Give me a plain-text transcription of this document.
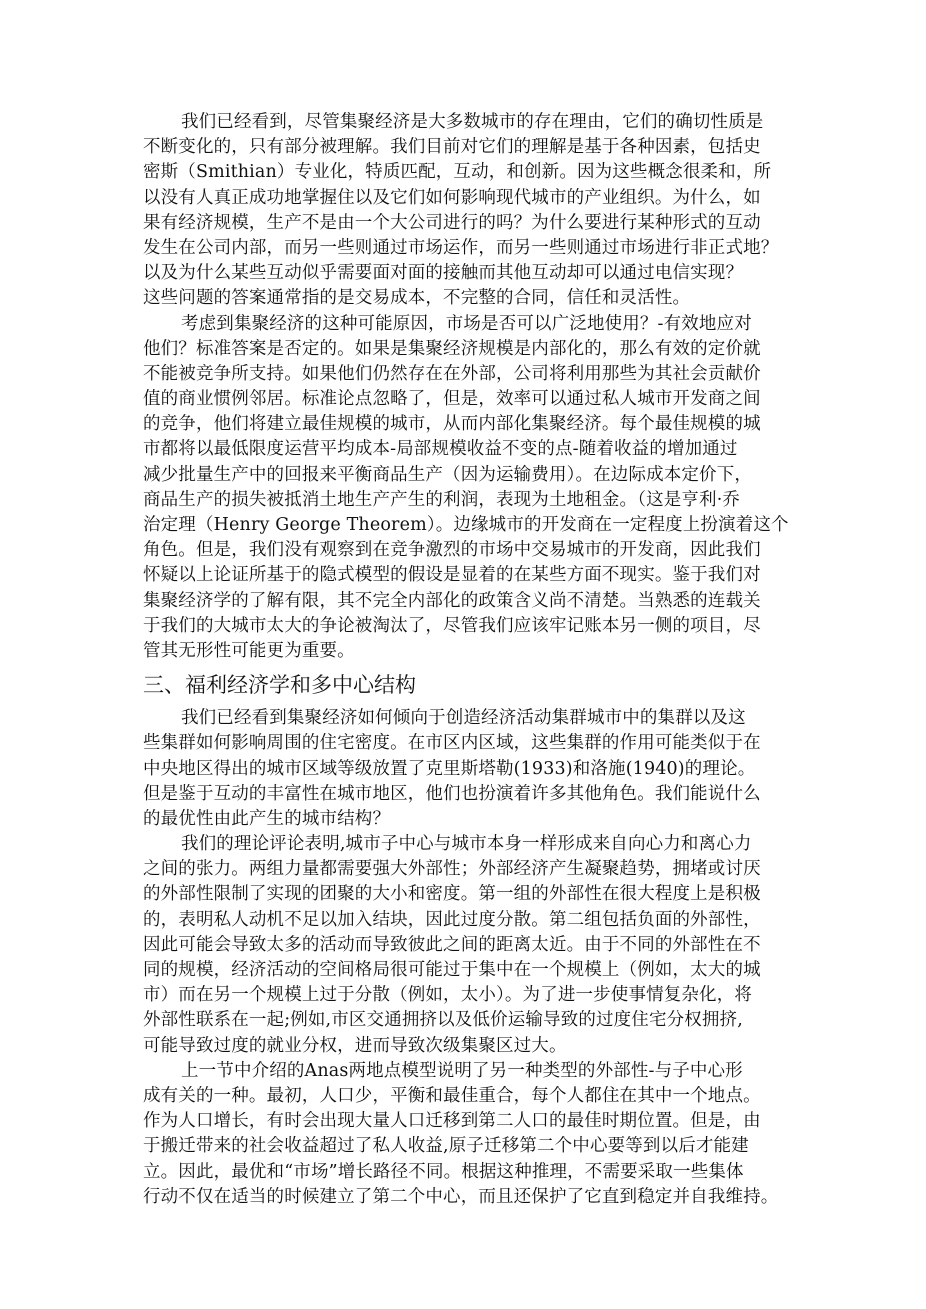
我们已经看到，尽管集聚经济是大多数城市的存在理由，它们的确切性质是
不断变化的，只有部分被理解。我们目前对它们的理解是基于各种因素，包括史
密斯（Smithian）专业化，特质匹配，互动，和创新。因为这些概念很柔和，所
以没有人真正成功地掌握住以及它们如何影响现代城市的产业组织。为什么，如
果有经济规模，生产不是由一个大公司进行的吗？为什么要进行某种形式的互动
发生在公司内部，而另一些则通过市场运作，而另一些则通过市场进行非正式地？
以及为什么某些互动似乎需要面对面的接触而其他互动却可以通过电信实现？
这些问题的答案通常指的是交易成本，不完整的合同，信任和灵活性。
考虑到集聚经济的这种可能原因，市场是否可以广泛地使用？-有效地应对
他们？标准答案是否定的。如果是集聚经济规模是内部化的，那么有效的定价就
不能被竞争所支持。如果他们仍然存在在外部，公司将利用那些为其社会贡献价
值的商业惯例邻居。标准论点忽略了，但是，效率可以通过私人城市开发商之间
的竞争，他们将建立最佳规模的城市，从而内部化集聚经济。每个最佳规模的城
市都将以最低限度运营平均成本-局部规模收益不变的点-随着收益的增加通过
减少批量生产中的回报来平衡商品生产（因为运输费用）。在边际成本定价下，
商品生产的损失被抵消土地生产产生的利润，表现为土地租金。（这是亨利·乔
治定理（Henry George Theorem）。边缘城市的开发商在一定程度上扮演着这个
角色。但是，我们没有观察到在竞争激烈的市场中交易城市的开发商，因此我们
怀疑以上论证所基于的隐式模型的假设是显着的在某些方面不现实。鉴于我们对
集聚经济学的了解有限，其不完全内部化的政策含义尚不清楚。当熟悉的连载关
于我们的大城市太大的争论被淘汰了，尽管我们应该牢记账本另一侧的项目，尽
管其无形性可能更为重要。
三、福利经济学和多中心结构
我们已经看到集聚经济如何倾向于创造经济活动集群城市中的集群以及这
些集群如何影响周围的住宅密度。在市区内区域，这些集群的作用可能类似于在
中央地区得出的城市区域等级放置了克里斯塔勒(1933)和洛施(1940)的理论。
但是鉴于互动的丰富性在城市地区，他们也扮演着许多其他角色。我们能说什么
的最优性由此产生的城市结构？
我们的理论评论表明,城市子中心与城市本身一样形成来自向心力和离心力
之间的张力。两组力量都需要强大外部性；外部经济产生凝聚趋势，拥堵或讨厌
的外部性限制了实现的团聚的大小和密度。第一组的外部性在很大程度上是积极
的，表明私人动机不足以加入结块，因此过度分散。第二组包括负面的外部性，
因此可能会导致太多的活动而导致彼此之间的距离太近。由于不同的外部性在不
同的规模，经济活动的空间格局很可能过于集中在一个规模上（例如，太大的城
市）而在另一个规模上过于分散（例如，太小）。为了进一步使事情复杂化，将
外部性联系在一起;例如,市区交通拥挤以及低价运输导致的过度住宅分权拥挤,
可能导致过度的就业分权，进而导致次级集聚区过大。
上一节中介绍的Anas两地点模型说明了另一种类型的外部性-与子中心形
成有关的一种。最初，人口少，平衡和最佳重合，每个人都住在其中一个地点。
作为人口增长，有时会出现大量人口迁移到第二人口的最佳时期位置。但是，由
于搬迁带来的社会收益超过了私人收益,原子迁移第二个中心要等到以后才能建
立。因此，最优和“市场”增长路径不同。根据这种推理，不需要采取一些集体
行动不仅在适当的时候建立了第二个中心，而且还保护了它直到稳定并自我维持。
